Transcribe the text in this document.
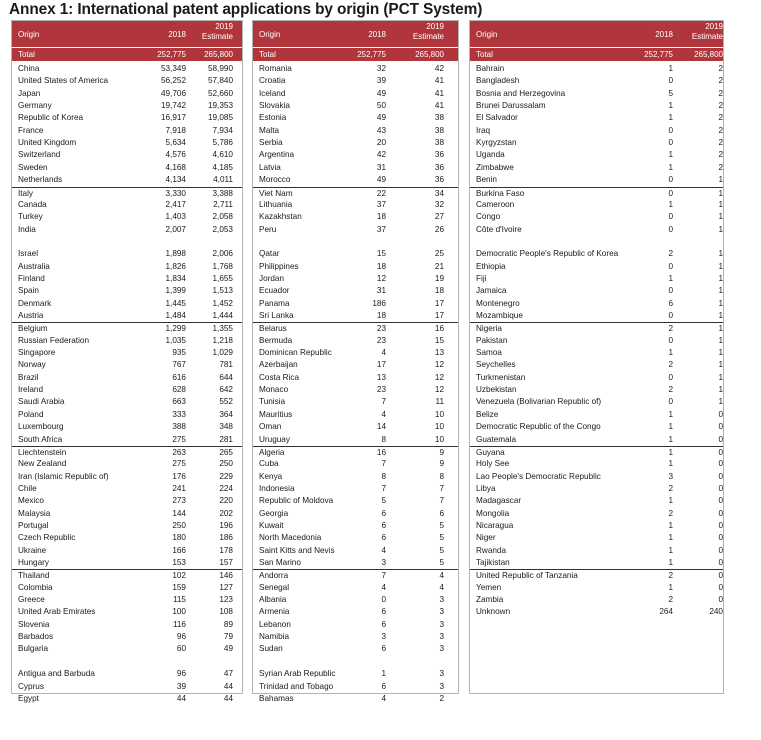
Annex 1: International patent applications by origin (PCT System)
Origin	2018
2019
Estimate
Total	252,775 265,800
China	53,349	58,990
United States of America	56,252	57,840
Japan	49,706	52,660
Germany	19,742	19,353
Republic of Korea	16,917	19,085
France	7,918	7,934
United Kingdom	5,634	5,786
Switzerland	4,576	4,610
Sweden	4,168	4,185
Netherlands	4,134	4,011
Italy	3,330	3,388
Canada	2,417	2,711
Turkey	1,403	2,058
India	2,007	2,053
Israel	1,898	2,006
Australia	1,826	1,768
Finland	1,834	1,655
Spain	1,399	1,513
Denmark	1,445	1,452
Austria	1,484	1,444
Belgium	1,299	1,355
Russian Federation	1,035	1,218
Singapore	935	1,029
Norway	767	781
Brazil	616	644
Ireland	628	642
Saudi Arabia	663	552
Poland	333	364
Luxembourg	388	348
South Africa	275	281
Liechtenstein	263	265
New Zealand	275	250
Iran (Islamic Republic of)	176	229
Chile	241	224
Mexico	273	220
Malaysia	144	202
Portugal	250	196
Czech Republic	180	186
Ukraine	166	178
Hungary	153	157
Thailand	102	146
Colombia	159	127
Greece	115	123
United Arab Emirates	100	108
Slovenia	116	89
Barbados	96	79
Bulgaria	60	49
Antigua and Barbuda	96	47
Cyprus	39	44
Egypt	44	44
Origin	2018
2019
Estimate
Total	252,775	265,800
Romania	32	42
Croatia	39	41
Iceland	49	41
Slovakia	50	41
Estonia	49	38
Malta	43	38
Serbia	20	38
Argentina	42	36
Latvia	31	36
Morocco	49	36
Viet Nam	22	34
Lithuania	37	32
Kazakhstan	18	27
Peru	37	26
Qatar	15	25
Philippines	18	21
Jordan	12	19
Ecuador	31	18
Panama	186	17
Sri Lanka	18	17
Belarus	23	16
Bermuda	23	15
Dominican Republic	4	13
Azerbaijan	17	12
Costa Rica	13	12
Monaco	23	12
Tunisia	7	11
Mauritius	4	10
Oman	14	10
Uruguay	8	10
Algeria	16	9
Cuba	7	9
Kenya	8	8
Indonesia	7	7
Republic of Moldova	5	7
Georgia	6	6
Kuwait	6	5
North Macedonia	6	5
Saint Kitts and Nevis	4	5
San Marino	3	5
Andorra	7	4
Senegal	4	4
Albania	0	3
Armenia	6	3
Lebanon	6	3
Namibia	3	3
Sudan	6	3
Syrian Arab Republic	1	3
Trinidad and Tobago	6	3
Bahamas	4	2
Origin	2018
2019
Estimate
Total	252,775	265,800
Bahrain	1	2
Bangladesh	0	2
Bosnia and Herzegovina	5	2
Brunei Darussalam	1	2
El Salvador	1	2
Iraq	0	2
Kyrgyzstan	0	2
Uganda	1	2
Zimbabwe	1	2
Benin	0	1
Burkina Faso	0	1
Cameroon	1	1
Congo	0	1
Côte d'Ivoire	0	1
Democratic People's Republic of Korea	2	1
Ethiopia	0	1
Fiji	1	1
Jamaica	0	1
Montenegro	6	1
Mozambique	0	1
Nigeria	2	1
Pakistan	0	1
Samoa	1	1
Seychelles	2	1
Turkmenistan	0	1
Uzbekistan	2	1
Venezuela (Bolivarian Republic of)	0	1
Belize	1	0
Democratic Republic of the Congo	1	0
Guatemala	1	0
Guyana	1	0
Holy See	1	0
Lao People's Democratic Republic	3	0
Libya	2	0
Madagascar	1	0
Mongolia	2	0
Nicaragua	1	0
Niger	1	0
Rwanda	1	0
Tajikistan	1	0
United Republic of Tanzania	2	0
Yemen	1	0
Zambia	2	0
Unknown	264	240
